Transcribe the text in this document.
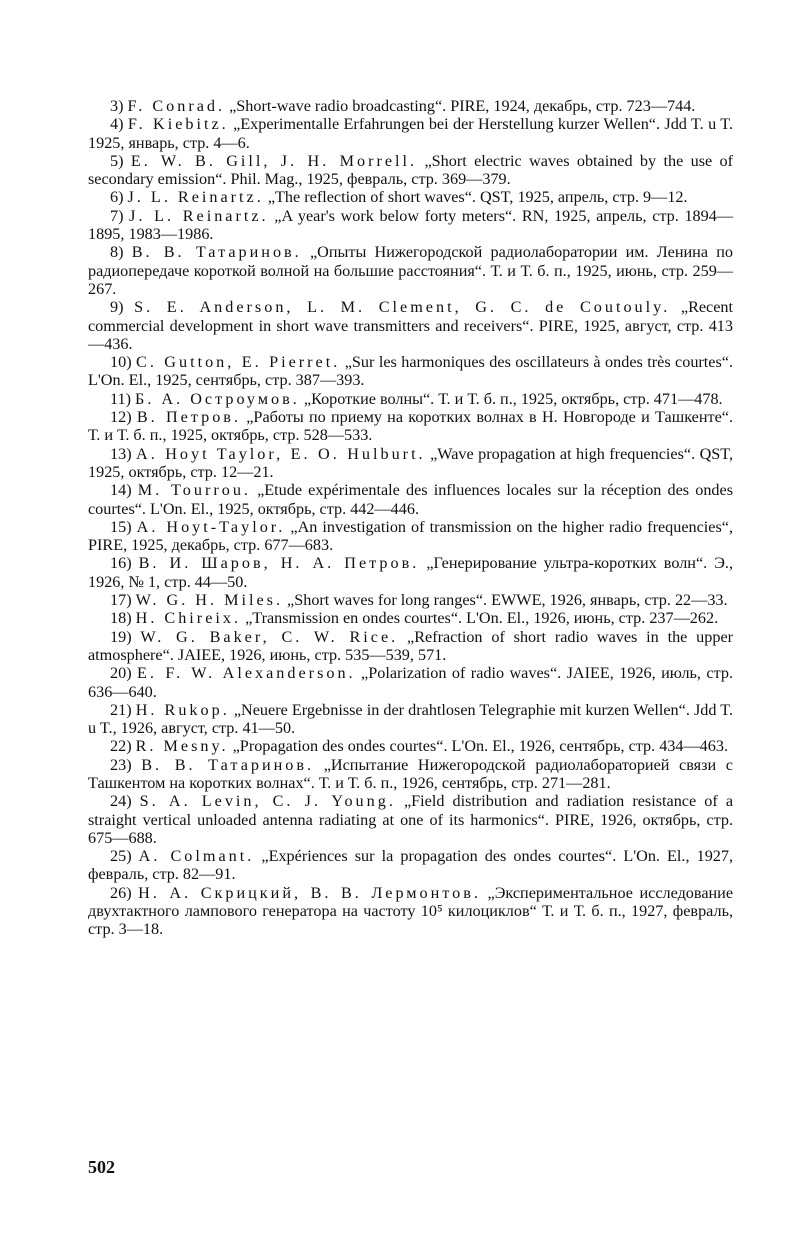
3) F. Conrad. „Short-wave radio broadcasting“. PIRE, 1924, декабрь, стр. 723—744.

4) F. Kiebitz. „Experimentalle Erfahrungen bei der Herstellung kurzer Wellen“. Jdd T. u T. 1925, январь, стр. 4—6.

5) E. W. B. Gill, J. H. Morrell. „Short electric waves obtained by the use of secondary emission“. Phil. Mag., 1925, февраль, стр. 369—379.

6) J. L. Reinartz. „The reflection of short waves“. QST, 1925, апрель, стр. 9—12.

7) J. L. Reinartz. „A year's work below forty meters“. RN, 1925, апрель, стр. 1894—1895, 1983—1986.

8) В. В. Татаринов. „Опыты Нижегородской радиолаборатории им. Ленина по радиопередаче короткой волной на большие расстояния“. Т. и Т. б. п., 1925, июнь, стр. 259—267.

9) S. E. Anderson, L. M. Clement, G. C. de Coutouly. „Recent commercial development in short wave transmitters and receivers“. PIRE, 1925, август, стр. 413—436.

10) C. Gutton, E. Pierret. „Sur les harmoniques des oscillateurs à ondes très courtes“. L'On. El., 1925, сентябрь, стр. 387—393.

11) Б. А. Остроумов. „Короткие волны“. Т. и Т. б. п., 1925, октябрь, стр. 471—478.

12) В. Петров. „Работы по приему на коротких волнах в Н. Новгороде и Ташкенте“. Т. и Т. б. п., 1925, октябрь, стр. 528—533.

13) A. Hoyt Taylor, E. O. Hulburt. „Wave propagation at high frequencies“. QST, 1925, октябрь, стр. 12—21.

14) M. Tourrou. „Etude expérimentale des influences locales sur la réception des ondes courtes“. L'On. El., 1925, октябрь, стр. 442—446.

15) A. Hoyt-Taylor. „An investigation of transmission on the higher radio frequencies“, PIRE, 1925, декабрь, стр. 677—683.

16) В. И. Шаров, Н. А. Петров. „Генерирование ультра-коротких волн“. Э., 1926, № 1, стр. 44—50.

17) W. G. H. Miles. „Short waves for long ranges“. EWWE, 1926, январь, стр. 22—33.

18) H. Chireix. „Transmission en ondes courtes“. L'On. El., 1926, июнь, стр. 237—262.

19) W. G. Baker, C. W. Rice. „Refraction of short radio waves in the upper atmosphere“. JAIEE, 1926, июнь, стр. 535—539, 571.

20) E. F. W. Alexanderson. „Polarization of radio waves“. JAIEE, 1926, июль, стр. 636—640.

21) H. Rukop. „Neuere Ergebnisse in der drahtlosen Telegraphie mit kurzen Wellen“. Jdd T. u T., 1926, август, стр. 41—50.

22) R. Mesny. „Propagation des ondes courtes“. L'On. El., 1926, сентябрь, стр. 434—463.

23) В. В. Татаринов. „Испытание Нижегородской радиолабораторией связи с Ташкентом на коротких волнах“. Т. и Т. б. п., 1926, сентябрь, стр. 271—281.

24) S. A. Levin, C. J. Young. „Field distribution and radiation resistance of a straight vertical unloaded antenna radiating at one of its harmonics“. PIRE, 1926, октябрь, стр. 675—688.

25) A. Colmant. „Expériences sur la propagation des ondes courtes“. L'On. El., 1927, февраль, стр. 82—91.

26) Н. А. Скрицкий, В. В. Лермонтов. „Экспериментальное исследование двухтактного лампового генератора на частоту 10⁵ килоциклов“ Т. и Т. б. п., 1927, февраль, стр. 3—18.

502
